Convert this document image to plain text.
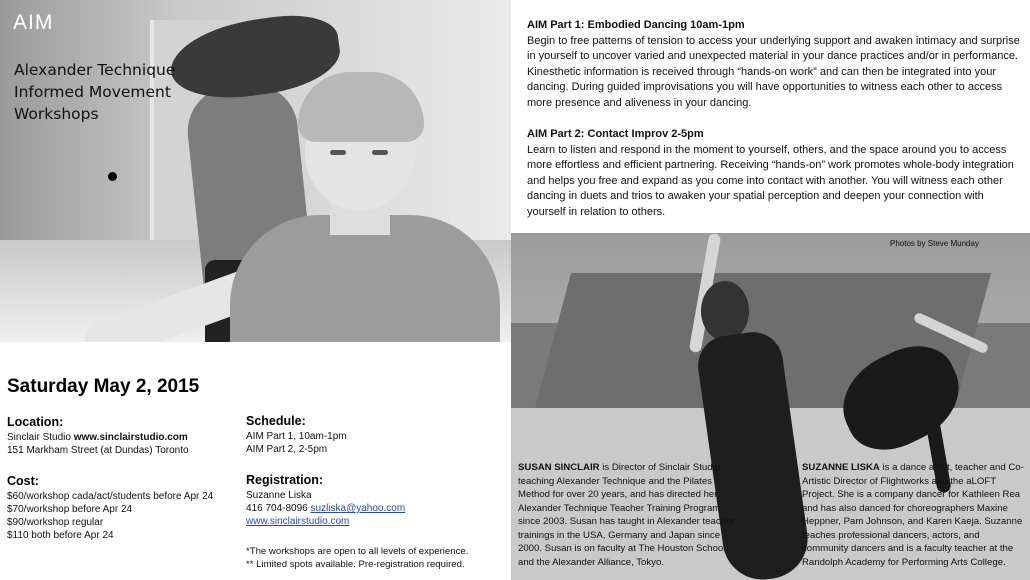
AIM
Alexander Technique
Informed Movement
Workshops
Saturday May 2, 2015
Location:
Sinclair Studio www.sinclairstudio.com
151 Markham Street (at Dundas) Toronto
Cost:
$60/workshop cada/act/students before Apr 24
$70/workshop before Apr 24
$90/workshop regular
$110 both before Apr 24
Schedule:
AIM Part 1, 10am-1pm
AIM Part 2, 2-5pm
Registration:
Suzanne Liska
416 704-8096 suzliska@yahoo.com
www.sinclairstudio.com
*The workshops are open to all levels of experience.
** Limited spots available. Pre-registration required.
AIM Part 1: Embodied Dancing 10am-1pm
Begin to free patterns of tension to access your underlying support and awaken intimacy and surprise in yourself to uncover varied and unexpected material in your dance practices and/or in performance. Kinesthetic information is received through “hands-on work” and can then be integrated into your dancing. During guided improvisations you will have opportunities to witness each other to access more presence and aliveness in your dancing.
AIM Part 2: Contact Improv 2-5pm
Learn to listen and respond in the moment to yourself, others, and the space around you to access more effortless and efficient partnering. Receiving “hands-on” work promotes whole-body integration and helps you free and expand as you come into contact with another. You will witness each other dancing in duets and trios to awaken your spatial perception and deepen your connection with yourself in relation to others.
Photos by Steve Munday
SUSAN SINCLAIR is Director of Sinclair Studio teaching Alexander Technique and the Pilates Method for over 20 years, and has directed her Alexander Technique Teacher Training Program since 2003. Susan has taught in Alexander teacher trainings in the USA, Germany and Japan since 2000. Susan is on faculty at The Houston School and the Alexander Alliance, Tokyo.
SUZANNE LISKA is a dance artist, teacher and Co-Artistic Director of Flightworks and the aLOFT Project. She is a company dancer for Kathleen Rea and has also danced for choreographers Maxine Heppner, Pam Johnson, and Karen Kaeja. Suzanne teaches professional dancers, actors, and community dancers and is a faculty teacher at the Randolph Academy for Performing Arts College.
